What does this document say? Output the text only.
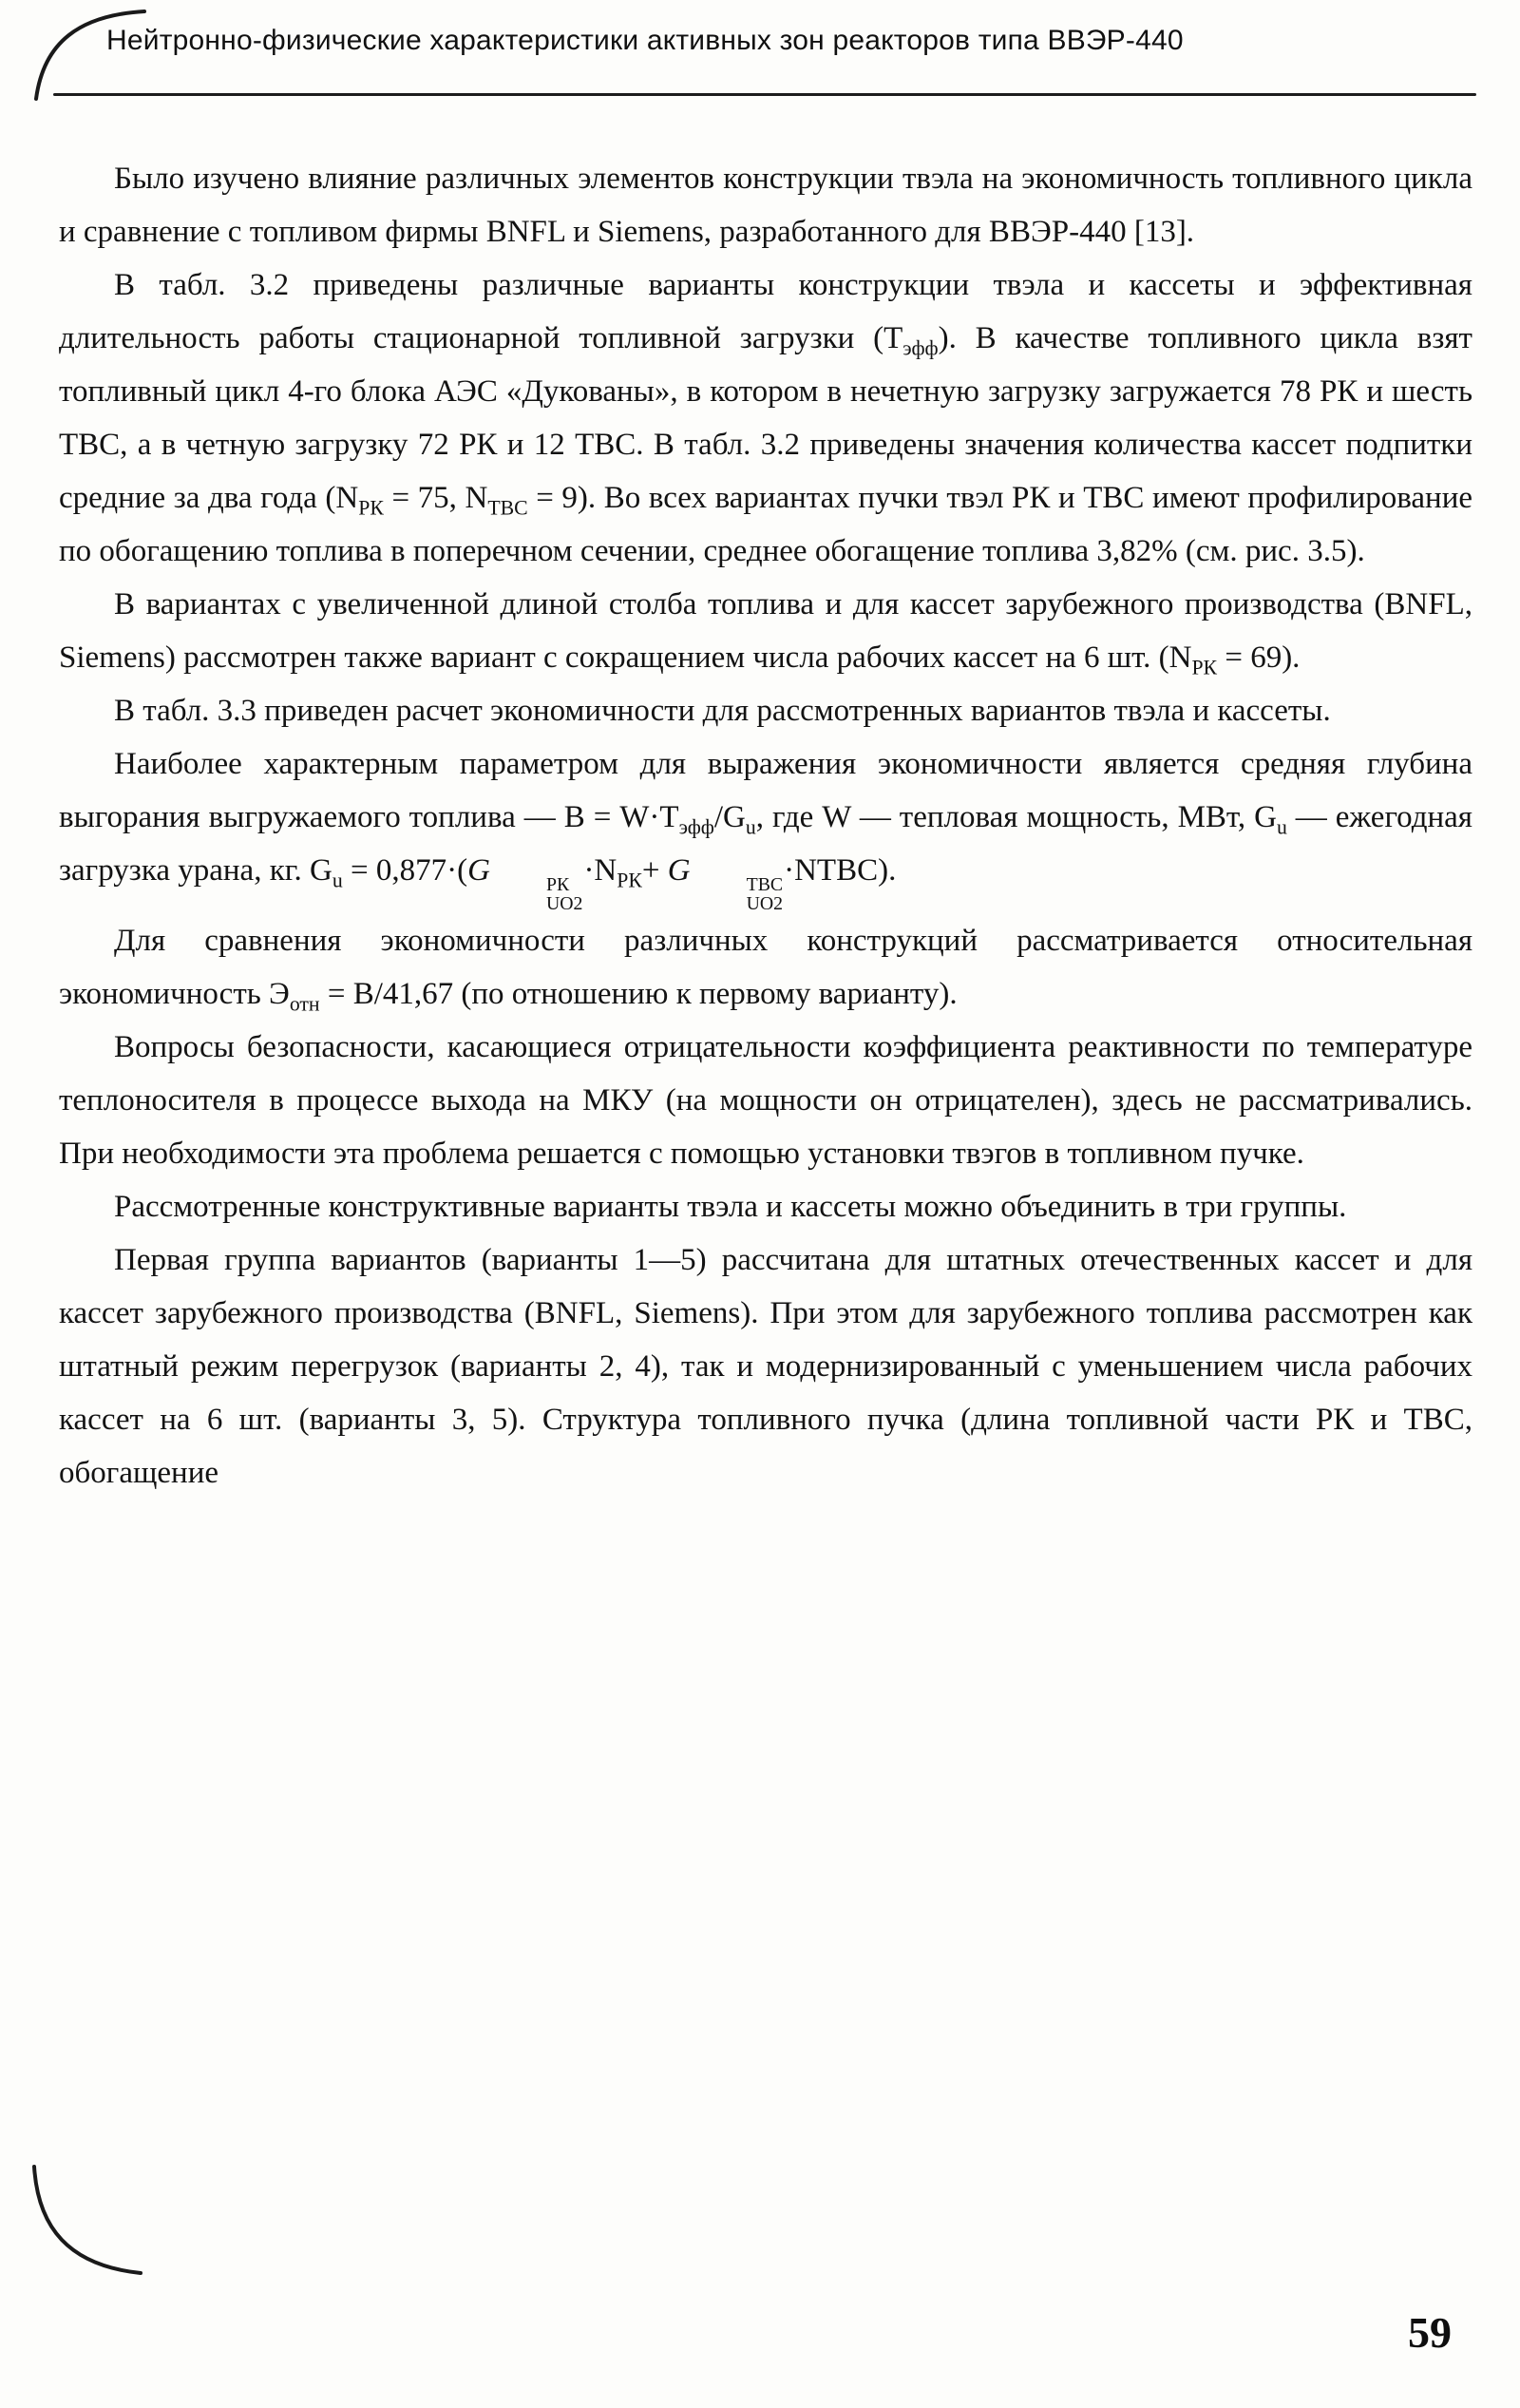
Нейтронно-физические характеристики активных зон реакторов типа ВВЭР-440

Было изучено влияние различных элементов конструкции твэла на экономичность топливного цикла и сравнение с топливом фирмы BNFL и Siemens, разработанного для ВВЭР-440 [13].

В табл. 3.2 приведены различные варианты конструкции твэла и кассеты и эффективная длительность работы стационарной топливной загрузки $(Т_{эфф})$. В качестве топливного цикла взят топливный цикл 4-го блока АЭС «Дукованы», в котором в нечетную загрузку загружается 78 РК и шесть ТВС, а в четную загрузку 72 РК и 12 ТВС. В табл. 3.2 приведены значения количества кассет подпитки средние за два года ($N_{РК} = 75$, $N_{ТВС} = 9$). Во всех вариантах пучки твэл РК и ТВС имеют профилирование по обогащению топлива в поперечном сечении, среднее обогащение топлива 3,82% (см. рис. 3.5).

В вариантах с увеличенной длиной столба топлива и для кассет зарубежного производства (BNFL, Siemens) рассмотрен также вариант с сокращением числа рабочих кассет на 6 шт. $(N_{РК} = 69)$.

В табл. 3.3 приведен расчет экономичности для рассмотренных вариантов твэла и кассеты.

Наиболее характерным параметром для выражения экономичности является средняя глубина выгорания выгружаемого топлива — $В = W\cdot Т_{эфф}/G_u$, где W — тепловая мощность, МВт, $G_u$ — ежегодная загрузка урана, кг. $G_u = 0,877\cdot(G$	РК
UO2
$\cdot N_{РК}+ G$	ТВС
UO2
·NТВС).

Для сравнения экономичности различных конструкций рассматривается относительная экономичность $Э_{отн} = В/41,67$ (по отношению к первому варианту).

Вопросы безопасности, касающиеся отрицательности коэффициента реактивности по температуре теплоносителя в процессе выхода на МКУ (на мощности он отрицателен), здесь не рассматривались. При необходимости эта проблема решается с помощью установки твэгов в топливном пучке.

Рассмотренные конструктивные варианты твэла и кассеты можно объединить в три группы.

Первая группа вариантов (варианты 1—5) рассчитана для штатных отечественных кассет и для кассет зарубежного производства (BNFL, Siemens). При этом для зарубежного топлива рассмотрен как штатный режим перегрузок (варианты 2, 4), так и модернизированный с уменьшением числа рабочих кассет на 6 шт. (варианты 3, 5). Структура топливного пучка (длина топливной части РК и ТВС, обогащение

59
